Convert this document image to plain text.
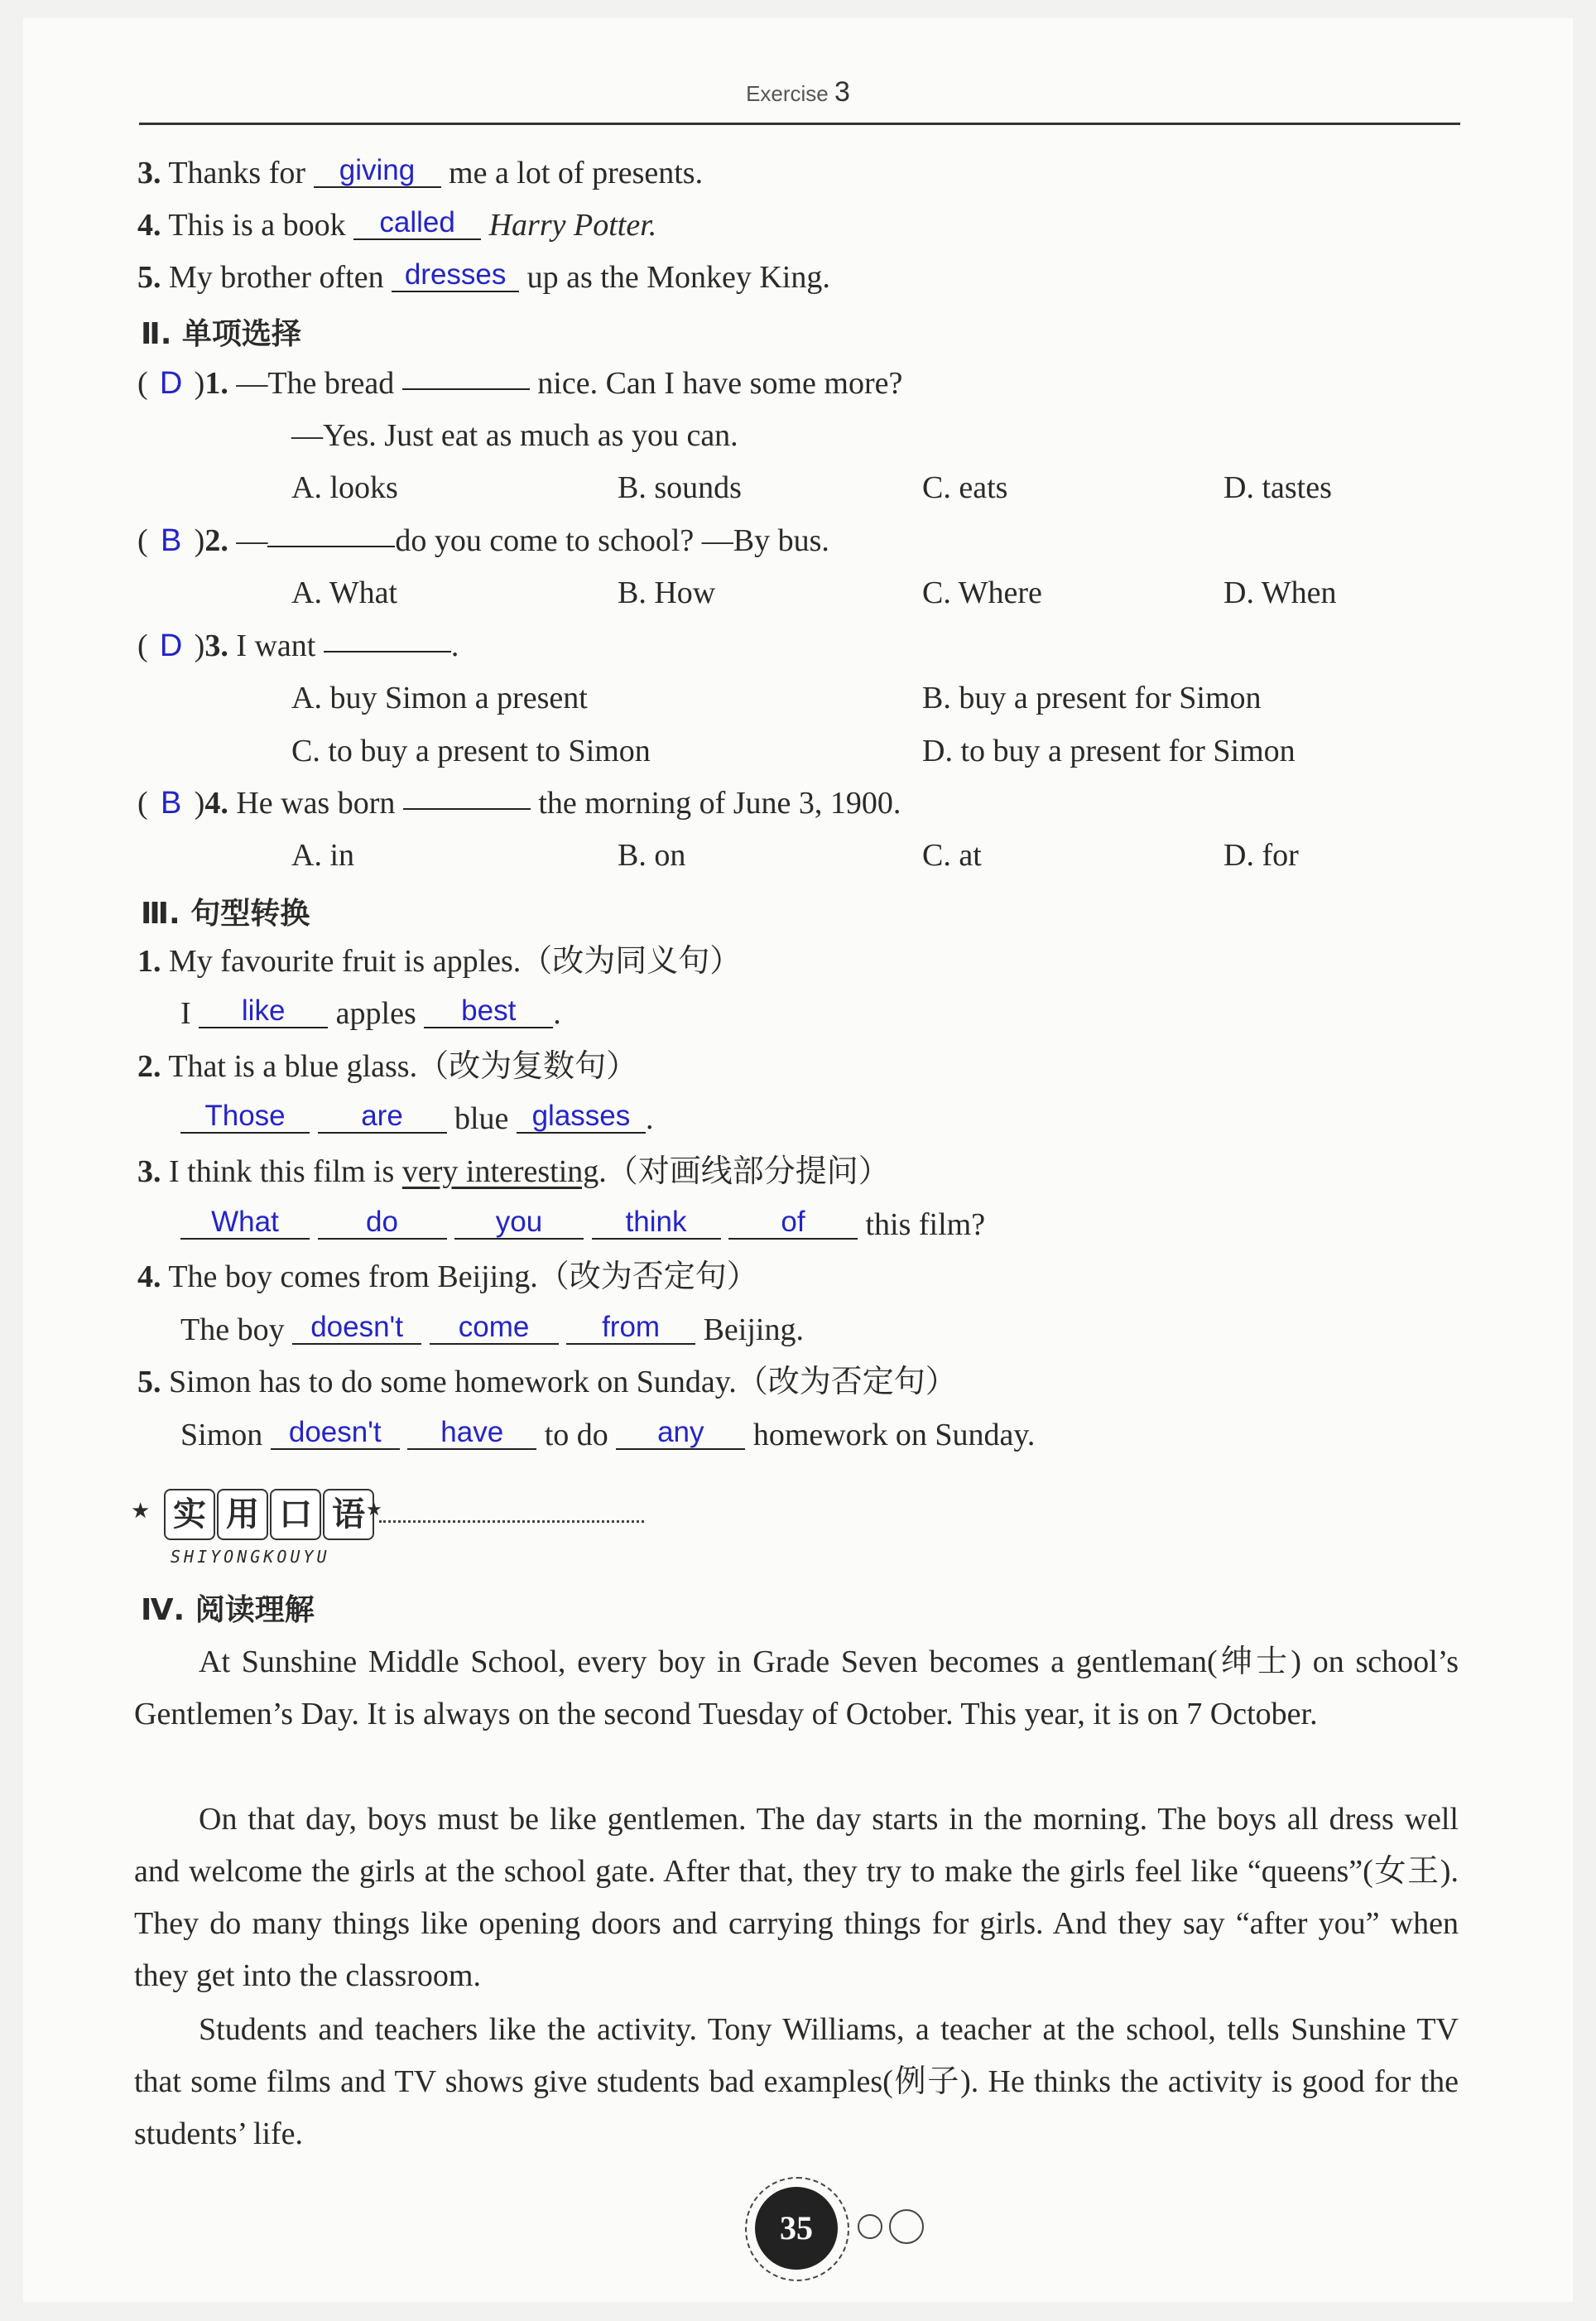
Exercise 3
3. Thanks for giving me a lot of presents.
4. This is a book called Harry Potter.
5. My brother often dresses up as the Monkey King.
Ⅱ. 单项选择
( D )1. —The bread	nice. Can I have some more?
—Yes. Just eat as much as you can.
A. looks	B. sounds	C. eats	D. tastes
( B )2. —	do you come to school? —By bus.
A. What	B. How	C. Where	D. When
( D )3. I want	.
A. buy Simon a present	B. buy a present for Simon
C. to buy a present to Simon	D. to buy a present for Simon
( B )4. He was born	the morning of June 3, 1900.
A. in	B. on	C. at	D. for
Ⅲ. 句型转换
1. My favourite fruit is apples.（改为同义句）
I like apples best .
2. That is a blue glass.（改为复数句）
Those	are blue glasses .
3. I think this film is very interesting.（对画线部分提问）
What	do	you	think	of this film?
4. The boy comes from Beijing.（改为否定句）
The boy doesn't come	from Beijing.
5. Simon has to do some homework on Sunday.（改为否定句）
Simon doesn't have to do any homework on Sunday.
★ 实 用 口 语 ★
SHIYONGKOUYU
Ⅳ. 阅读理解
At Sunshine Middle School, every boy in Grade Seven becomes a gentleman(绅士) on school’s Gentlemen’s Day. It is always on the second Tuesday of October. This year, it is on 7 October.
On that day, boys must be like gentlemen. The day starts in the morning. The boys all dress well and welcome the girls at the school gate. After that, they try to make the girls feel like “queens”(女王). They do many things like opening doors and carrying things for girls. And they say “after you” when they get into the classroom.
Students and teachers like the activity. Tony Williams, a teacher at the school, tells Sunshine TV that some films and TV shows give students bad examples(例子). He thinks the activity is good for the students’ life.
35
